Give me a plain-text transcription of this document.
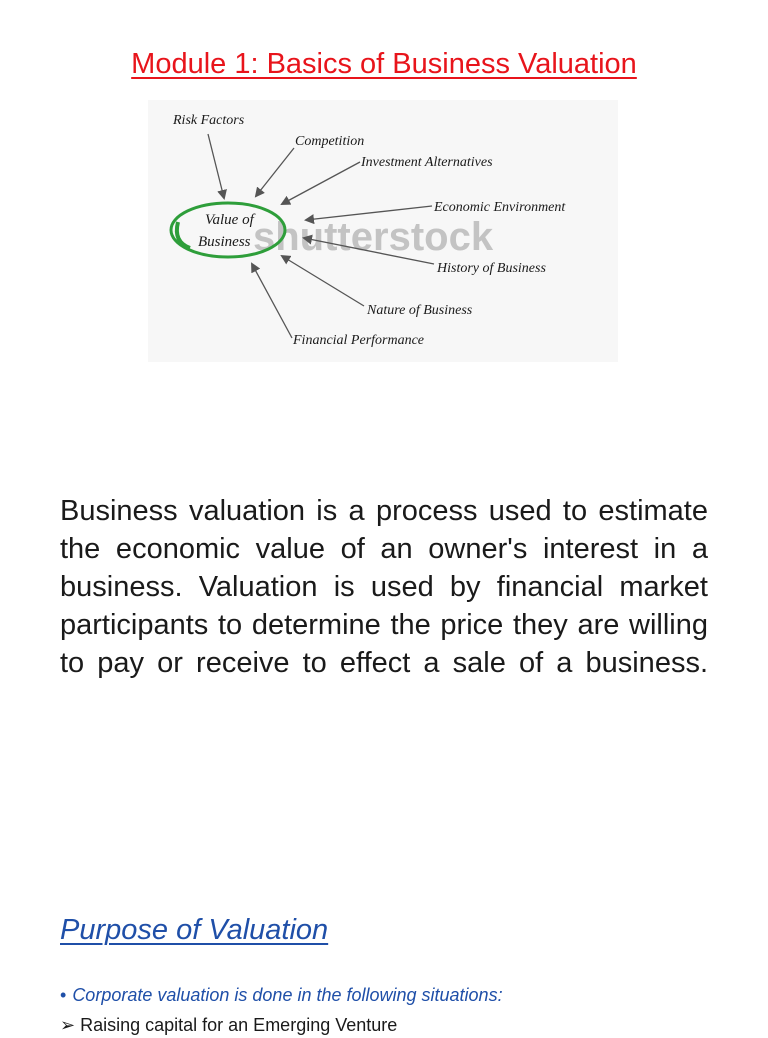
Module 1: Basics of Business Valuation
shutterstock
Value of
Business
Risk Factors
Competition
Investment Alternatives
Economic Environment
History of Business
Nature of Business
Financial Performance

Business valuation is a process used to estimate the economic value of an owner's interest in a business. Valuation is used by financial market participants to determine the price they are willing to pay or receive to effect a sale of a business.

Purpose of Valuation
• Corporate valuation is done in the following situations:
➢ Raising capital for an Emerging Venture
